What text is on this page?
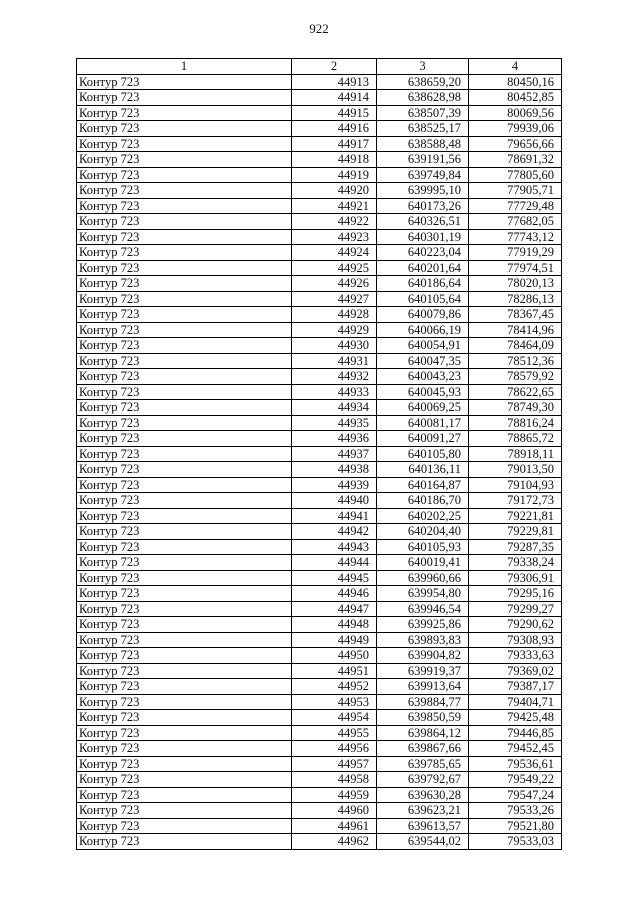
922
1	2	3	4
Контур 723	44913	638659,20	80450,16
Контур 723	44914	638628,98	80452,85
Контур 723	44915	638507,39	80069,56
Контур 723	44916	638525,17	79939,06
Контур 723	44917	638588,48	79656,66
Контур 723	44918	639191,56	78691,32
Контур 723	44919	639749,84	77805,60
Контур 723	44920	639995,10	77905,71
Контур 723	44921	640173,26	77729,48
Контур 723	44922	640326,51	77682,05
Контур 723	44923	640301,19	77743,12
Контур 723	44924	640223,04	77919,29
Контур 723	44925	640201,64	77974,51
Контур 723	44926	640186,64	78020,13
Контур 723	44927	640105,64	78286,13
Контур 723	44928	640079,86	78367,45
Контур 723	44929	640066,19	78414,96
Контур 723	44930	640054,91	78464,09
Контур 723	44931	640047,35	78512,36
Контур 723	44932	640043,23	78579,92
Контур 723	44933	640045,93	78622,65
Контур 723	44934	640069,25	78749,30
Контур 723	44935	640081,17	78816,24
Контур 723	44936	640091,27	78865,72
Контур 723	44937	640105,80	78918,11
Контур 723	44938	640136,11	79013,50
Контур 723	44939	640164,87	79104,93
Контур 723	44940	640186,70	79172,73
Контур 723	44941	640202,25	79221,81
Контур 723	44942	640204,40	79229,81
Контур 723	44943	640105,93	79287,35
Контур 723	44944	640019,41	79338,24
Контур 723	44945	639960,66	79306,91
Контур 723	44946	639954,80	79295,16
Контур 723	44947	639946,54	79299,27
Контур 723	44948	639925,86	79290,62
Контур 723	44949	639893,83	79308,93
Контур 723	44950	639904,82	79333,63
Контур 723	44951	639919,37	79369,02
Контур 723	44952	639913,64	79387,17
Контур 723	44953	639884,77	79404,71
Контур 723	44954	639850,59	79425,48
Контур 723	44955	639864,12	79446,85
Контур 723	44956	639867,66	79452,45
Контур 723	44957	639785,65	79536,61
Контур 723	44958	639792,67	79549,22
Контур 723	44959	639630,28	79547,24
Контур 723	44960	639623,21	79533,26
Контур 723	44961	639613,57	79521,80
Контур 723	44962	639544,02	79533,03
